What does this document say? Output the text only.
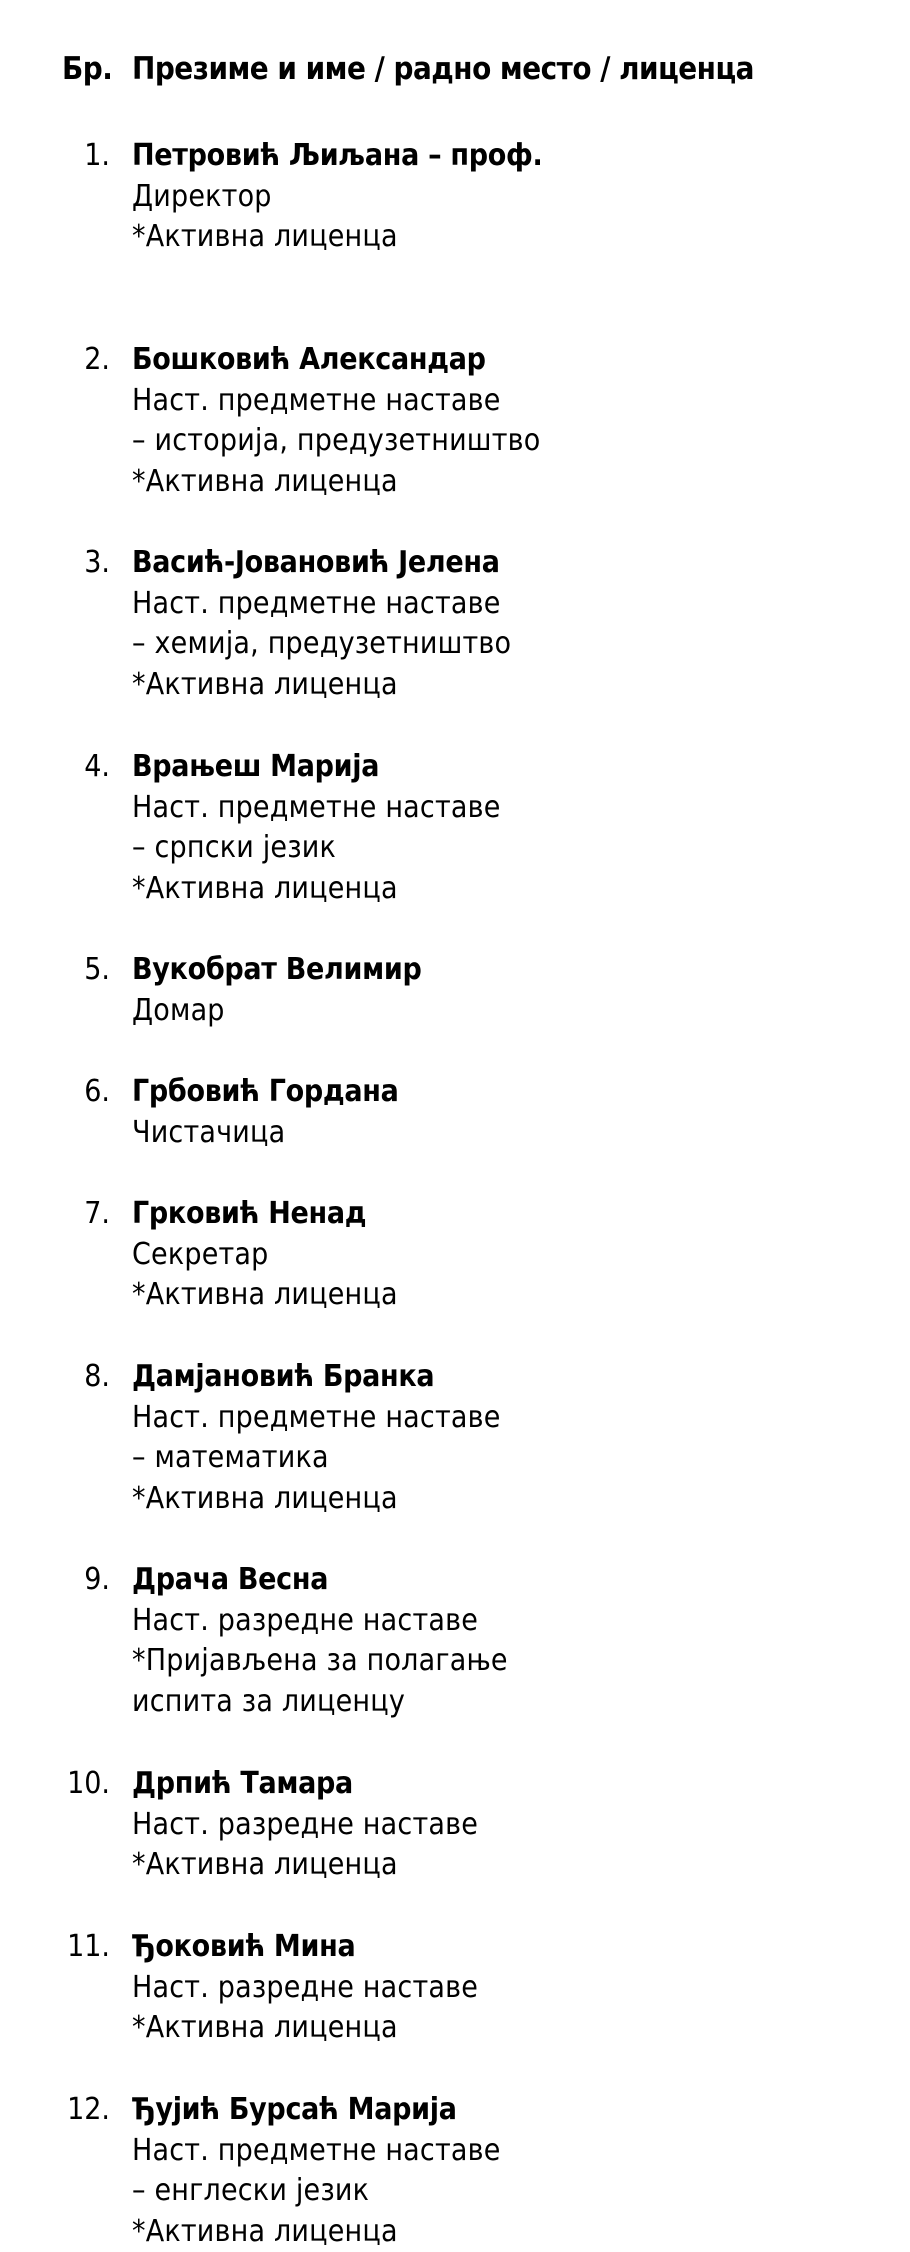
Бр. Презиме и име / радно место / лиценца
1. Петровић Љиљана – проф.
Директор
*Активна лиценца
2. Бошковић Александар
Наст. предметне наставе
– историја, предузетништво
*Активна лиценца
3. Васић-Јовановић Јелена
Наст. предметне наставе
– хемија, предузетништво
*Активна лиценца
4. Врањеш Марија
Наст. предметне наставе
– српски језик
*Активна лиценца
5. Вукобрат Велимир
Домар
6. Грбовић Гордана
Чистачица
7. Грковић Ненад
Секретар
*Активна лиценца
8. Дамјановић Бранка
Наст. предметне наставе
– математика
*Активна лиценца
9. Драча Весна
Наст. разредне наставе
*Пријављена за полагање
испита за лиценцу
10. Дрпић Тамара
Наст. разредне наставе
*Активна лиценца
11. Ђоковић Мина
Наст. разредне наставе
*Активна лиценца
12. Ђујић Бурсаћ Марија
Наст. предметне наставе
– енглески језик
*Активна лиценца
